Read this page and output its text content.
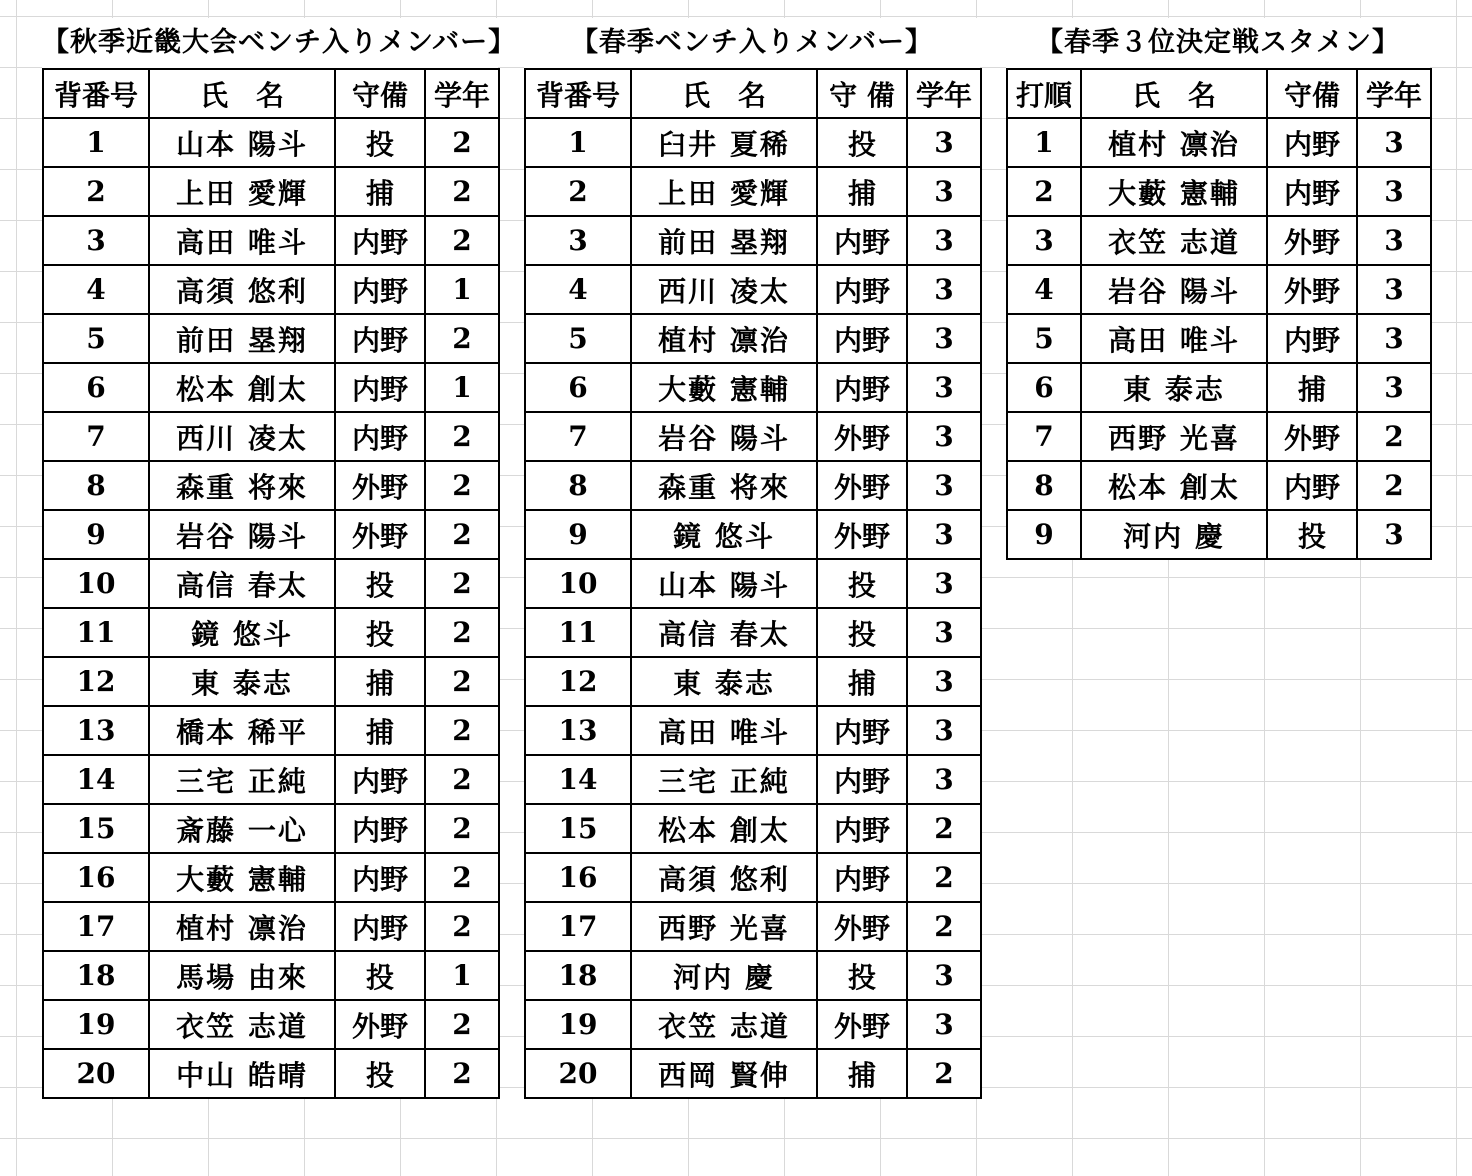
【秋季近畿大会ベンチ入りメンバー】
背番号	氏　名	守備	学年
1	山本 陽斗	投	2
2	上田 愛輝	捕	2
3	高田 唯斗	内野	2
4	高須 悠利	内野	1
5	前田 塁翔	内野	2
6	松本 創太	内野	1
7	西川 凌太	内野	2
8	森重 将來	外野	2
9	岩谷 陽斗	外野	2
10	高信 春太	投	2
11	鏡 悠斗	投	2
12	東 泰志	捕	2
13	橋本 稀平	捕	2
14	三宅 正純	内野	2
15	斎藤 一心	内野	2
16	大藪 憲輔	内野	2
17	植村 凛治	内野	2
18	馬場 由來	投	1
19	衣笠 志道	外野	2
20	中山 皓晴	投	2
【春季ベンチ入りメンバー】
背番号	氏　名	守 備	学年
1	臼井 夏稀	投	3
2	上田 愛輝	捕	3
3	前田 塁翔	内野	3
4	西川 凌太	内野	3
5	植村 凛治	内野	3
6	大藪 憲輔	内野	3
7	岩谷 陽斗	外野	3
8	森重 将來	外野	3
9	鏡 悠斗	外野	3
10	山本 陽斗	投	3
11	高信 春太	投	3
12	東 泰志	捕	3
13	高田 唯斗	内野	3
14	三宅 正純	内野	3
15	松本 創太	内野	2
16	高須 悠利	内野	2
17	西野 光喜	外野	2
18	河内 慶	投	3
19	衣笠 志道	外野	3
20	西岡 賢伸	捕	2
【春季３位決定戦スタメン】
打順	氏　名	守備	学年
1	植村 凛治	内野	3
2	大藪 憲輔	内野	3
3	衣笠 志道	外野	3
4	岩谷 陽斗	外野	3
5	高田 唯斗	内野	3
6	東 泰志	捕	3
7	西野 光喜	外野	2
8	松本 創太	内野	2
9	河内 慶	投	3
